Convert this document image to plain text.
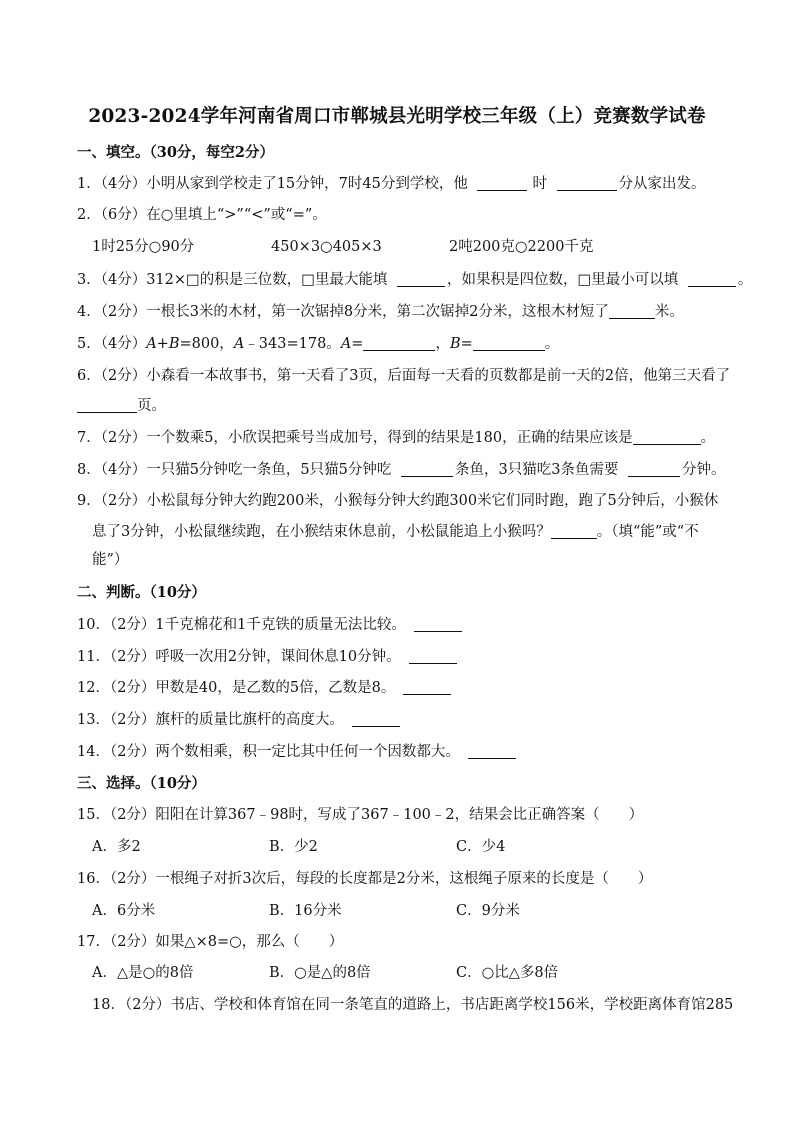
2023-2024学年河南省周口市郸城县光明学校三年级（上）竞赛数学试卷
一、填空。（30分，每空2分）
1．（4分）小明从家到学校走了15分钟，7时45分到学校，他	时	分从家出发。
2．（6分）在○里填上“>”“<”或“=”。
1时25分○90分	450×3○405×3	2吨200克○2200千克
3．（4分）312×□的积是三位数，□里最大能填	，如果积是四位数，□里最小可以填	。
4．（2分）一根长3米的木材，第一次锯掉8分米，第二次锯掉2分米，这根木材短了	米。
5．（4分）A+B=800，A﹣343=178。A=	，B=	。
6．（2分）小森看一本故事书，第一天看了3页，后面每一天看的页数都是前一天的2倍，他第三天看了
页。
7．（2分）一个数乘5，小欣误把乘号当成加号，得到的结果是180，正确的结果应该是	。
8．（4分）一只猫5分钟吃一条鱼，5只猫5分钟吃	条鱼，3只猫吃3条鱼需要	分钟。
9．（2分）小松鼠每分钟大约跑200米，小猴每分钟大约跑300米它们同时跑，跑了5分钟后，小猴休
息了3分钟，小松鼠继续跑，在小猴结束休息前，小松鼠能追上小猴吗？	。（填“能”或“不
能”）
二、判断。（10分）
10．（2分）1千克棉花和1千克铁的质量无法比较。
11．（2分）呼吸一次用2分钟，课间休息10分钟。
12．（2分）甲数是40，是乙数的5倍，乙数是8。
13．（2分）旗杆的质量比旗杆的高度大。
14．（2分）两个数相乘，积一定比其中任何一个因数都大。
三、选择。（10分）
15．（2分）阳阳在计算367﹣98时，写成了367﹣100﹣2，结果会比正确答案（　　）
A．多2	B．少2	C．少4
16．（2分）一根绳子对折3次后，每段的长度都是2分米，这根绳子原来的长度是（　　）
A．6分米	B．16分米	C．9分米
17．（2分）如果△×8=○，那么（　　）
A．△是○的8倍	B．○是△的8倍	C．○比△多8倍
18．（2分）书店、学校和体育馆在同一条笔直的道路上，书店距离学校156米，学校距离体育馆285
